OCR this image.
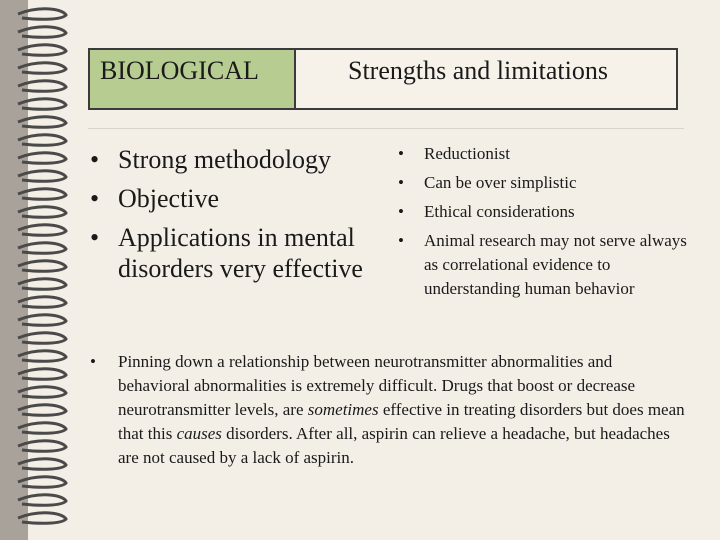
BIOLOGICAL	Strengths and limitations
• Strong methodology
• Objective
• Applications in mental disorders very effective
• Reductionist
• Can be over simplistic
• Ethical considerations
• Animal research may not serve always as correlational evidence to understanding human behavior
•	Pinning down a relationship between neurotransmitter abnormalities and behavioral abnormalities is extremely difficult. Drugs that boost or decrease neurotransmitter levels, are sometimes effective in treating disorders but does mean that this causes disorders. After all, aspirin can relieve a headache, but headaches are not caused by a lack of aspirin.
